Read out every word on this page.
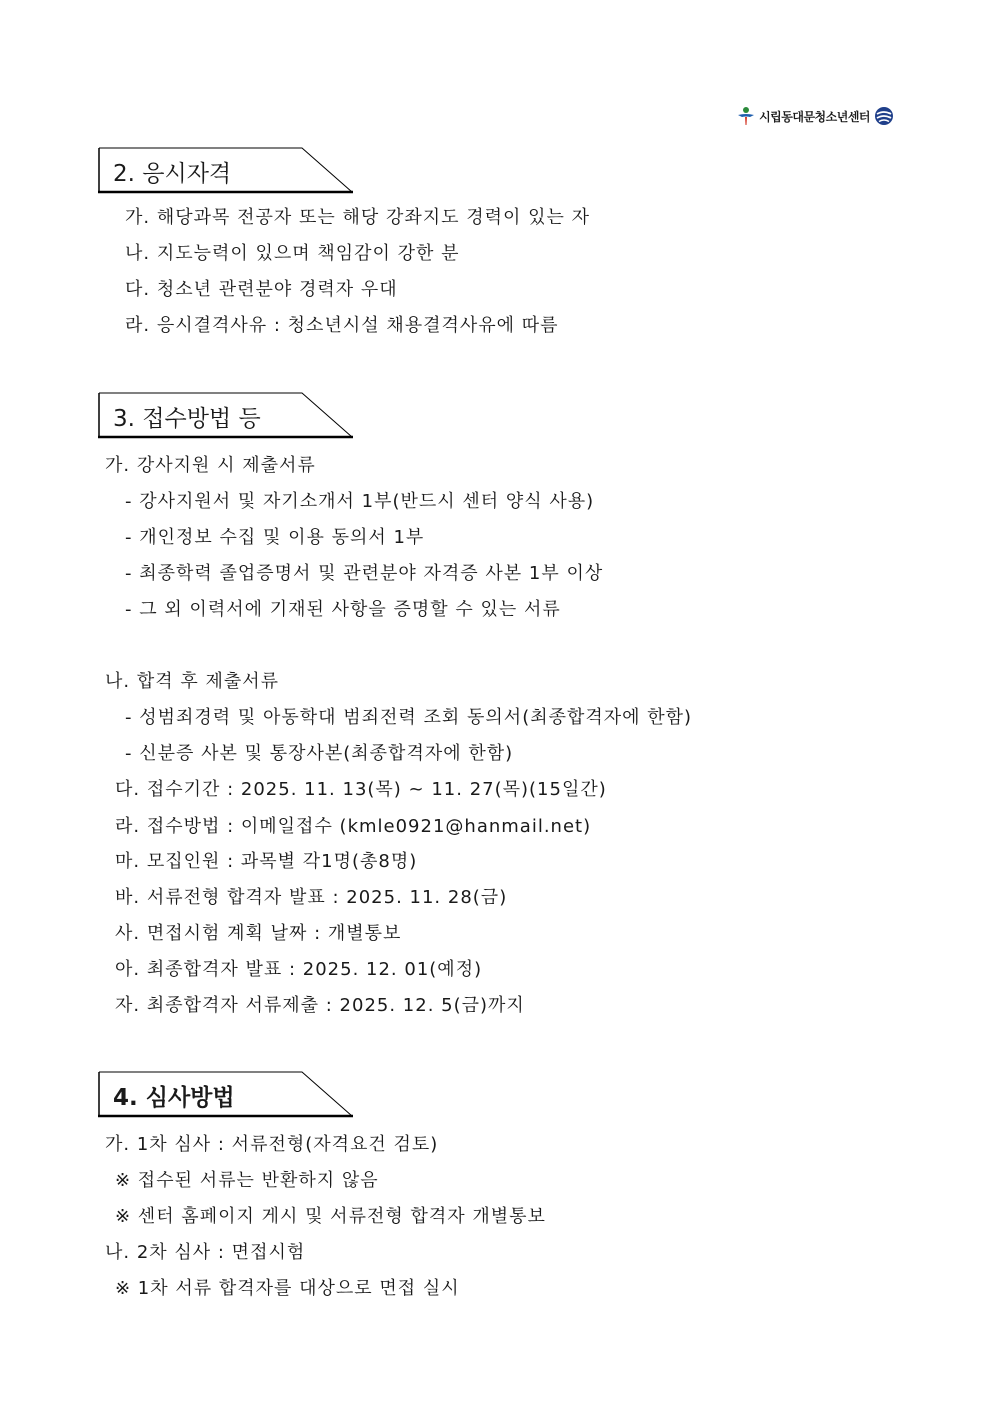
시립동대문청소년센터
2. 응시자격
가. 해당과목 전공자 또는 해당 강좌지도 경력이 있는 자
나. 지도능력이 있으며 책임감이 강한 분
다. 청소년 관련분야 경력자 우대
라. 응시결격사유 : 청소년시설 채용결격사유에 따름
3. 접수방법 등
가. 강사지원 시 제출서류
- 강사지원서 및 자기소개서 1부(반드시 센터 양식 사용)
- 개인정보 수집 및 이용 동의서 1부
- 최종학력 졸업증명서 및 관련분야 자격증 사본 1부 이상
- 그 외 이력서에 기재된 사항을 증명할 수 있는 서류
나. 합격 후 제출서류
- 성범죄경력 및 아동학대 범죄전력 조회 동의서(최종합격자에 한함)
- 신분증 사본 및 통장사본(최종합격자에 한함)
다. 접수기간 : 2025. 11. 13(목) ~ 11. 27(목)(15일간)
라. 접수방법 : 이메일접수 (kmle0921@hanmail.net)
마. 모집인원 : 과목별 각1명(총8명)
바. 서류전형 합격자 발표 : 2025. 11. 28(금)
사. 면접시험 계획 날짜 : 개별통보
아. 최종합격자 발표 : 2025. 12. 01(예정)
자. 최종합격자 서류제출 : 2025. 12. 5(금)까지
4. 심사방법
가. 1차 심사 : 서류전형(자격요건 검토)
※ 접수된 서류는 반환하지 않음
※ 센터 홈페이지 게시 및 서류전형 합격자 개별통보
나. 2차 심사 : 면접시험
※ 1차 서류 합격자를 대상으로 면접 실시
